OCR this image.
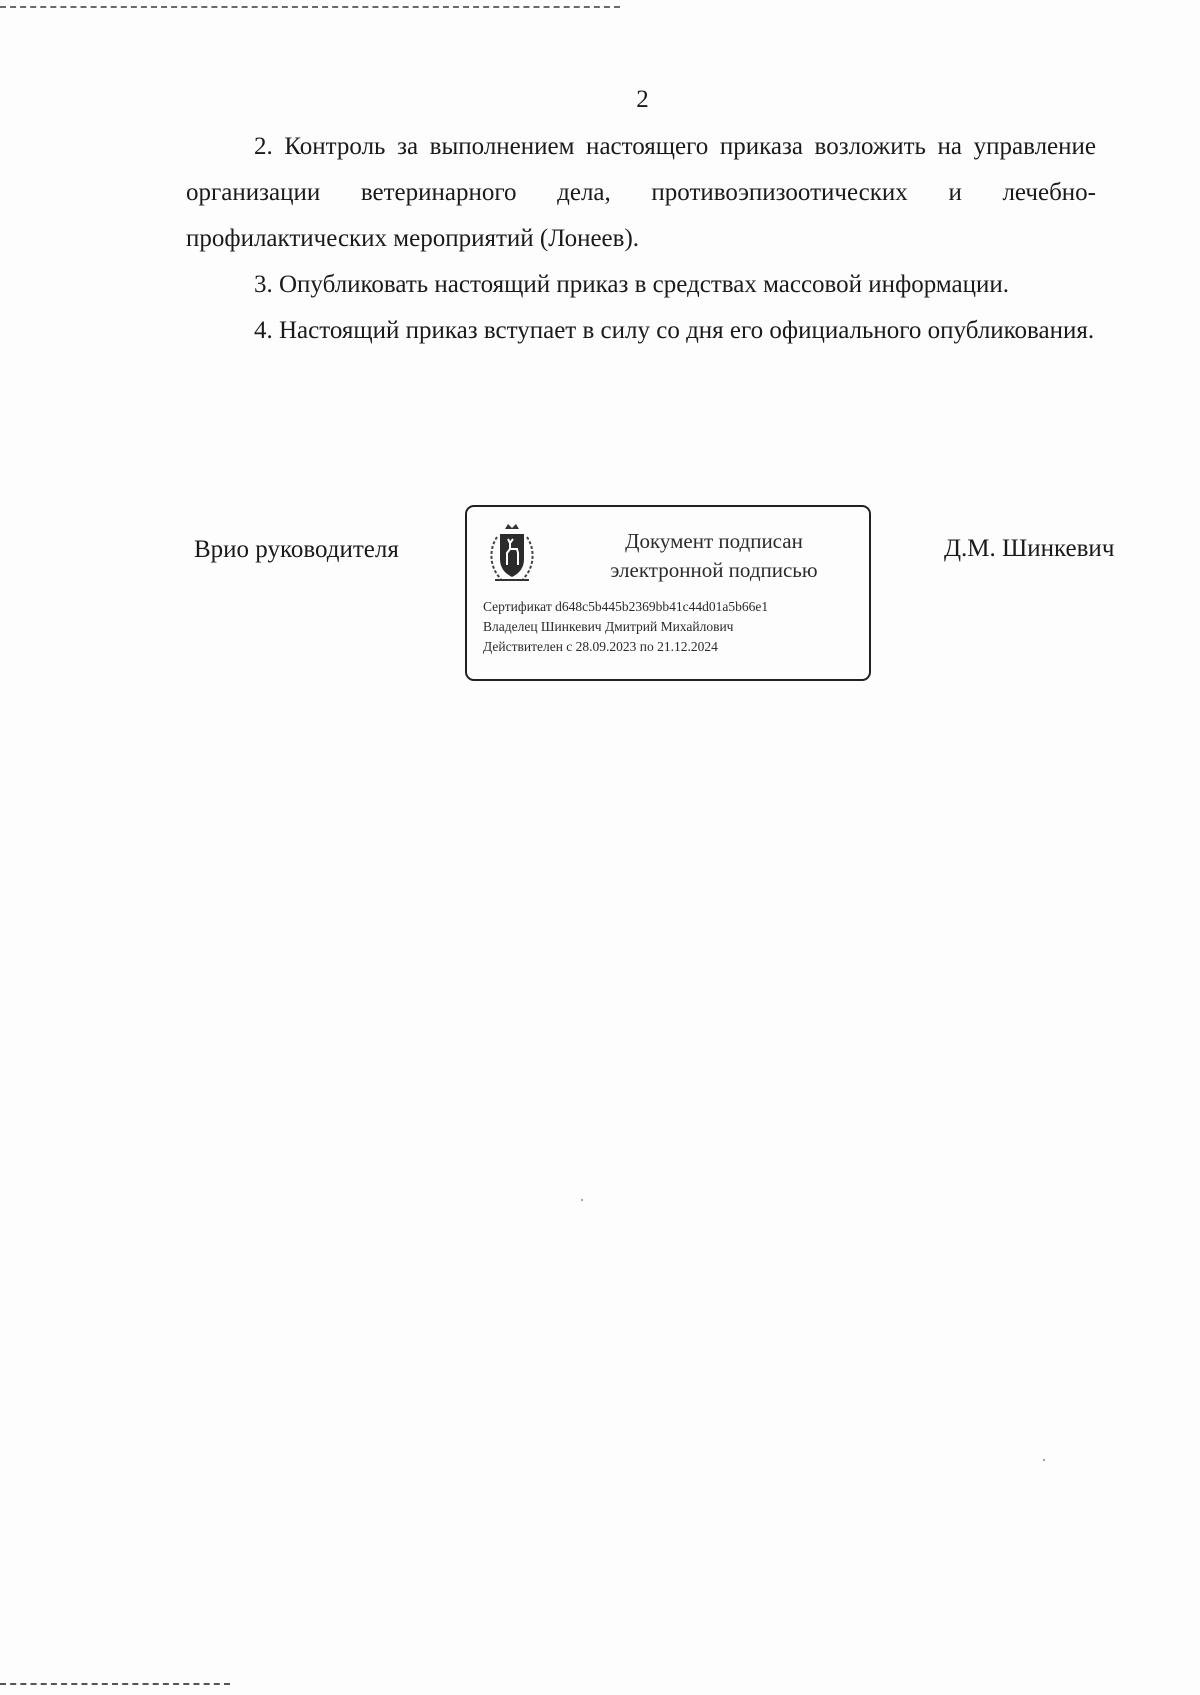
2

2. Контроль за выполнением настоящего приказа возложить на управление организации ветеринарного дела, противоэпизоотических и лечебно-профилактических мероприятий (Лонеев).

3. Опубликовать настоящий приказ в средствах массовой информации.

4. Настоящий приказ вступает в силу со дня его официального опубликования.

Врио руководителя	Документ подписан
электронной подписью
Сертификат d648c5b445b2369bb41c44d01a5b66e1
Владелец Шинкевич Дмитрий Михайлович
Действителен с 28.09.2023 по 21.12.2024
Д.М. Шинкевич
